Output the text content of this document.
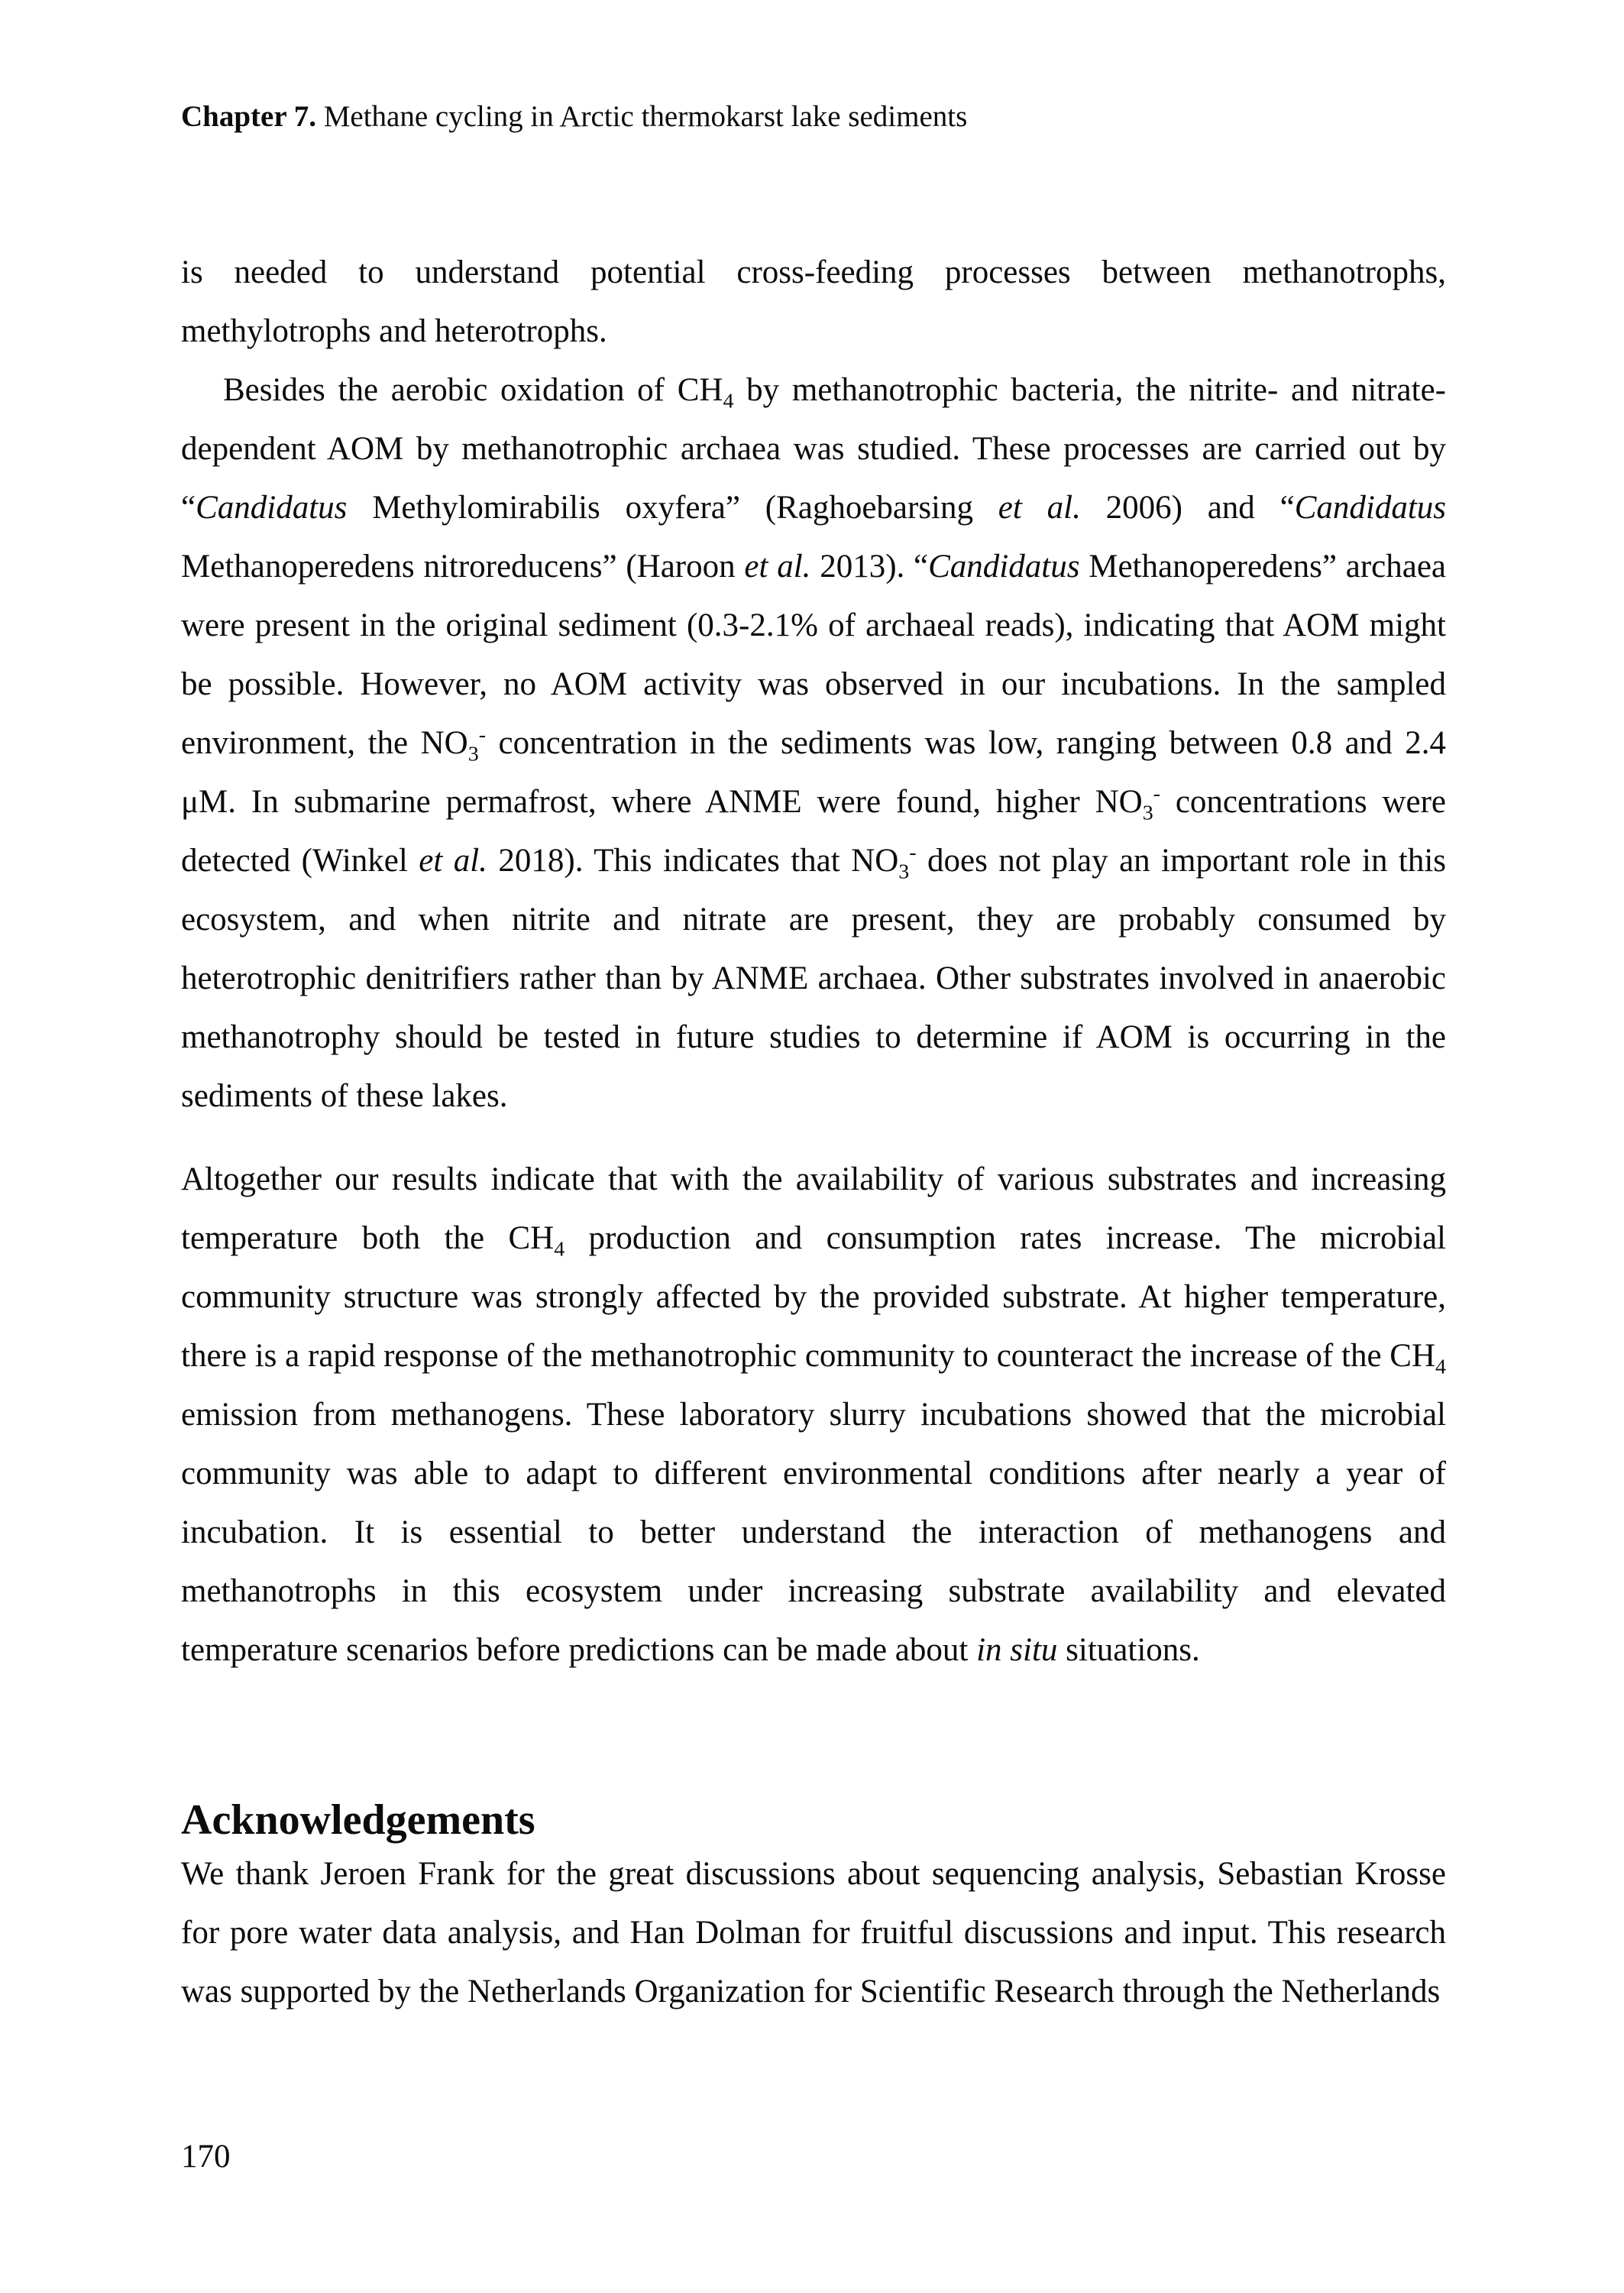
Chapter 7. Methane cycling in Arctic thermokarst lake sediments

is needed to understand potential cross-feeding processes between methanotrophs, methylotrophs and heterotrophs.

Besides the aerobic oxidation of $CH_4$ by methanotrophic bacteria, the nitrite- and nitrate-dependent AOM by methanotrophic archaea was studied. These processes are carried out by “Candidatus Methylomirabilis oxyfera” (Raghoebarsing et al. 2006) and “Candidatus Methanoperedens nitroreducens” (Haroon et al. 2013). “Candidatus Methanoperedens” archaea were present in the original sediment (0.3-2.1% of archaeal reads), indicating that AOM might be possible. However, no AOM activity was observed in our incubations. In the sampled environment, the $NO_3^-$ concentration in the sediments was low, ranging between 0.8 and 2.4 μM. In submarine permafrost, where ANME were found, higher $NO_3^-$ concentrations were detected (Winkel et al. 2018). This indicates that $NO_3^-$ does not play an important role in this ecosystem, and when nitrite and nitrate are present, they are probably consumed by heterotrophic denitrifiers rather than by ANME archaea. Other substrates involved in anaerobic methanotrophy should be tested in future studies to determine if AOM is occurring in the sediments of these lakes.

Altogether our results indicate that with the availability of various substrates and increasing temperature both the $CH_4$ production and consumption rates increase. The microbial community structure was strongly affected by the provided substrate. At higher temperature, there is a rapid response of the methanotrophic community to counteract the increase of the $CH_4$ emission from methanogens. These laboratory slurry incubations showed that the microbial community was able to adapt to different environmental conditions after nearly a year of incubation. It is essential to better understand the interaction of methanogens and methanotrophs in this ecosystem under increasing substrate availability and elevated temperature scenarios before predictions can be made about in situ situations.

Acknowledgements

We thank Jeroen Frank for the great discussions about sequencing analysis, Sebastian Krosse for pore water data analysis, and Han Dolman for fruitful discussions and input. This research was supported by the Netherlands Organization for Scientific Research through the Netherlands

170
